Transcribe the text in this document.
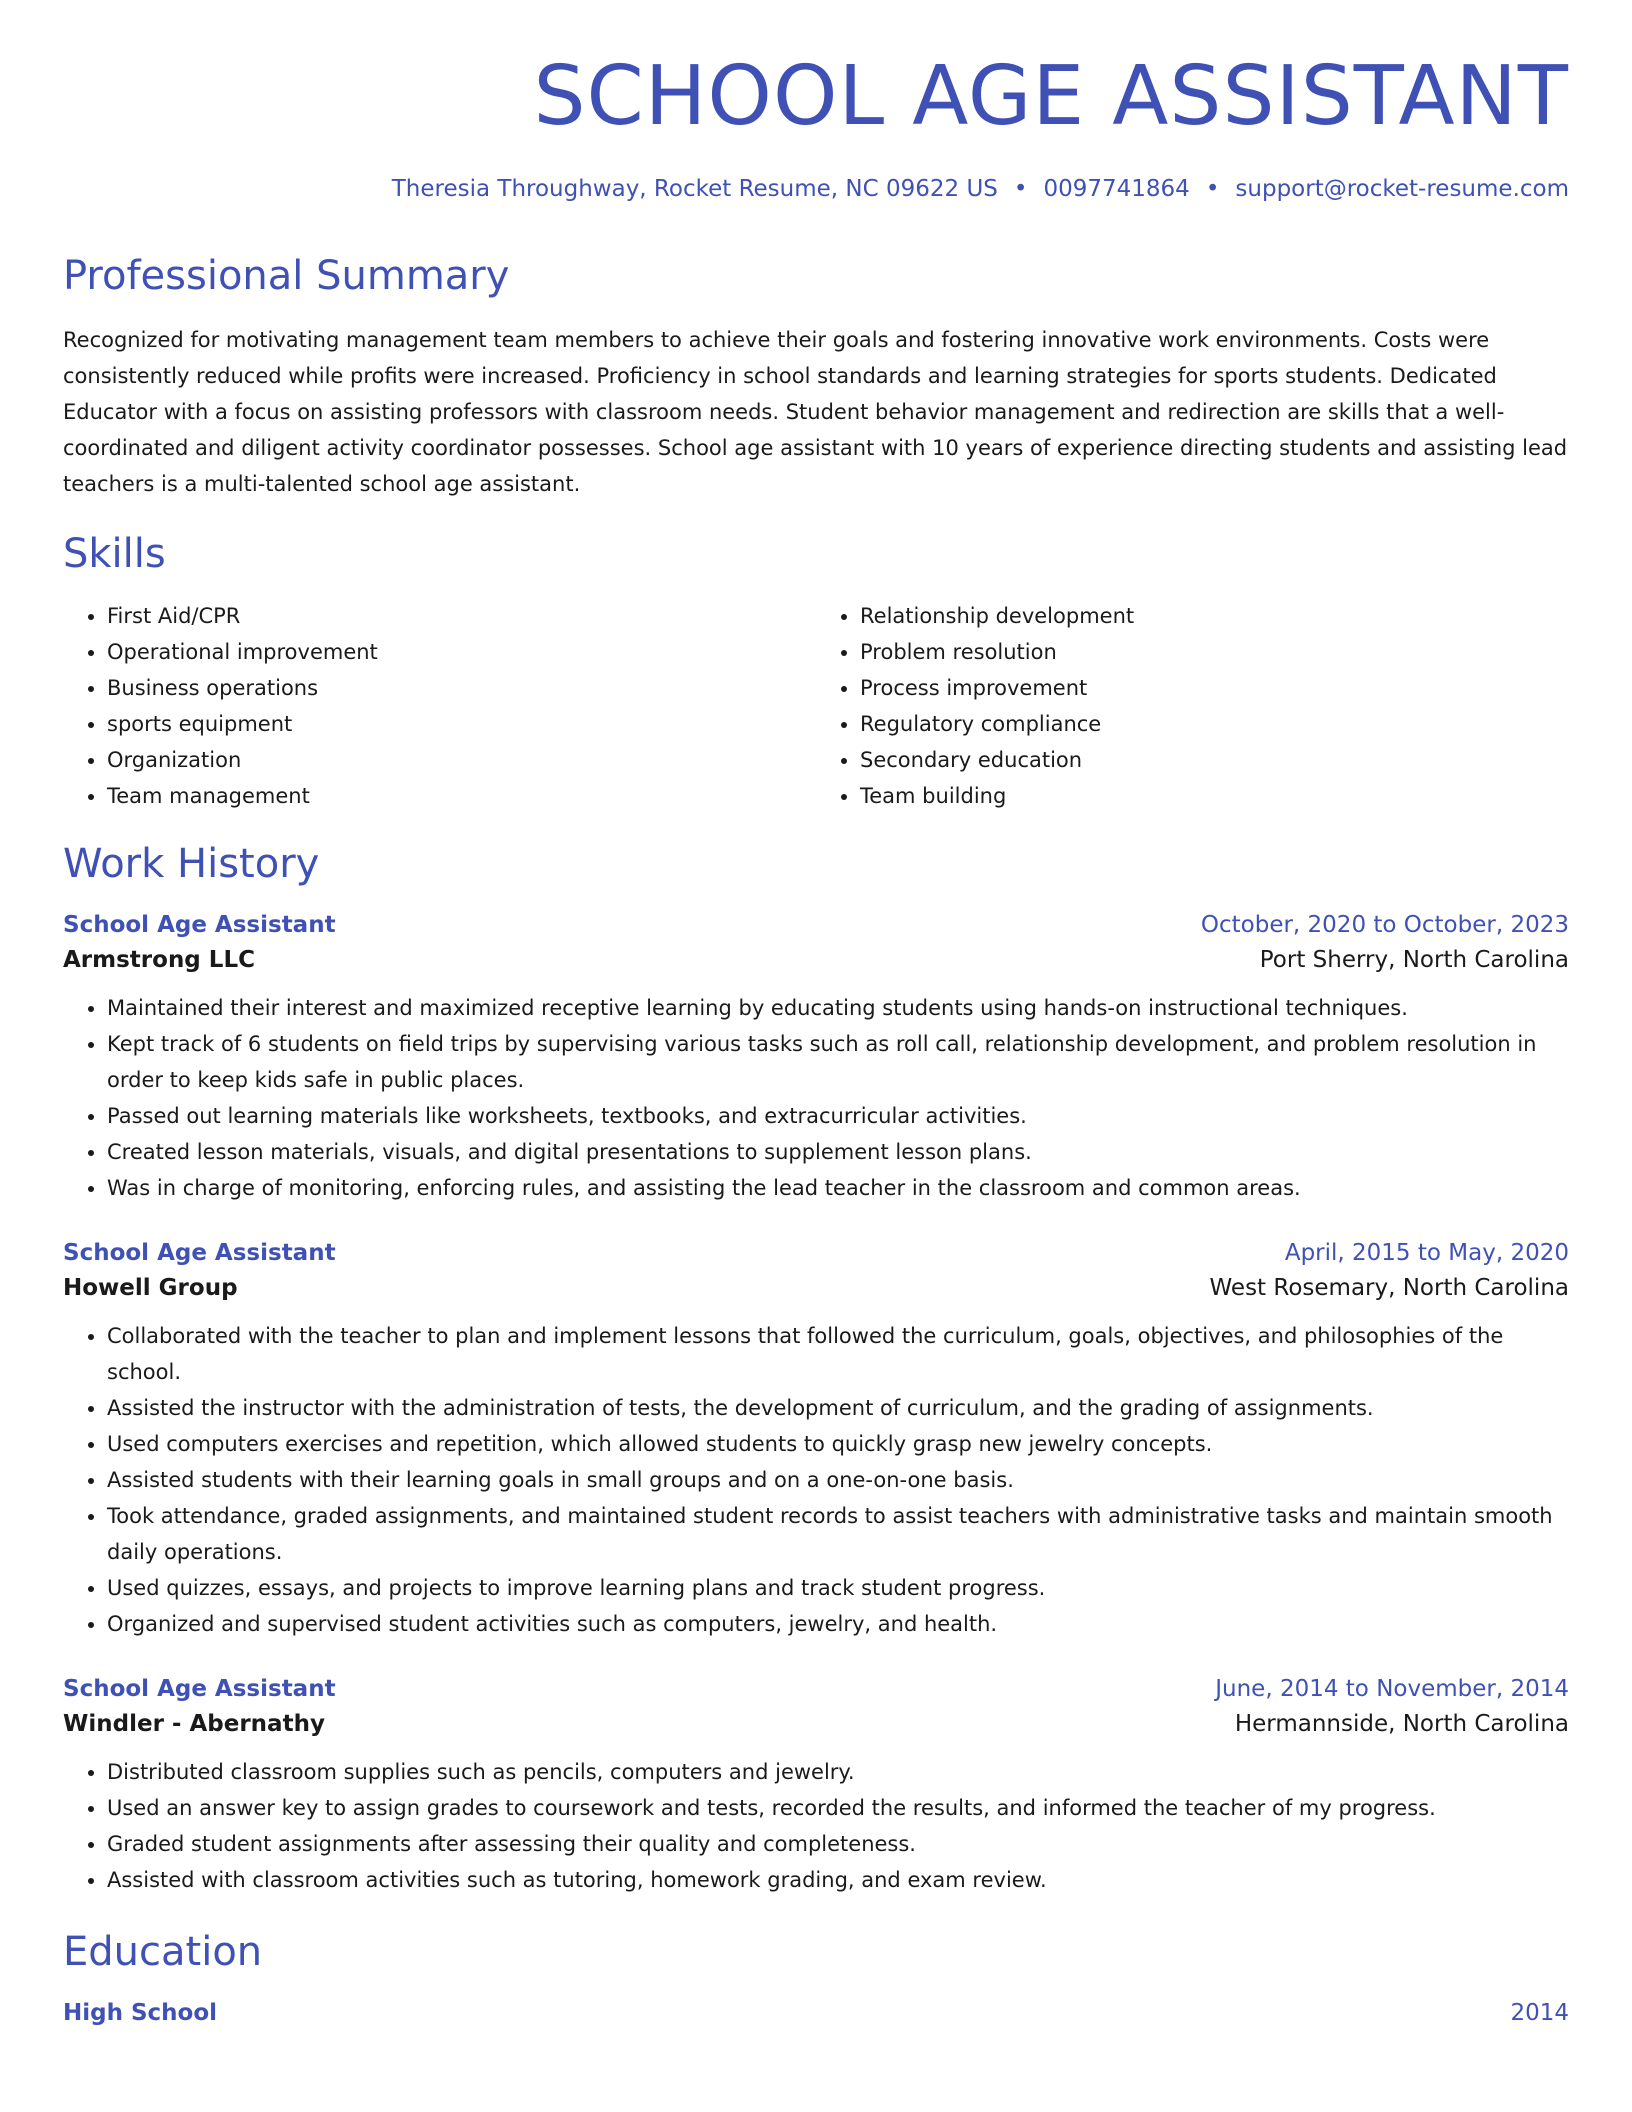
SCHOOL AGE ASSISTANT
Theresia Throughway, Rocket Resume, NC 09622 US • 0097741864 • support@rocket-resume.com
Professional Summary

Recognized for motivating management team members to achieve their goals and fostering innovative work environments. Costs were consistently reduced while profits were increased. Proficiency in school standards and learning strategies for sports students. Dedicated Educator with a focus on assisting professors with classroom needs. Student behavior management and redirection are skills that a well-coordinated and diligent activity coordinator possesses. School age assistant with 10 years of experience directing students and assisting lead teachers is a multi-talented school age assistant.

Skills
• First Aid/CPR
• Operational improvement
• Business operations
• sports equipment
• Organization
• Team management
• Relationship development
• Problem resolution
• Process improvement
• Regulatory compliance
• Secondary education
• Team building
Work History
School Age Assistant	October, 2020 to October, 2023
Armstrong LLC	Port Sherry, North Carolina
• Maintained their interest and maximized receptive learning by educating students using hands-on instructional techniques.
• Kept track of 6 students on field trips by supervising various tasks such as roll call, relationship development, and problem resolution in order to keep kids safe in public places.
• Passed out learning materials like worksheets, textbooks, and extracurricular activities.
• Created lesson materials, visuals, and digital presentations to supplement lesson plans.
• Was in charge of monitoring, enforcing rules, and assisting the lead teacher in the classroom and common areas.
School Age Assistant	April, 2015 to May, 2020
Howell Group	West Rosemary, North Carolina
• Collaborated with the teacher to plan and implement lessons that followed the curriculum, goals, objectives, and philosophies of the school.
• Assisted the instructor with the administration of tests, the development of curriculum, and the grading of assignments.
• Used computers exercises and repetition, which allowed students to quickly grasp new jewelry concepts.
• Assisted students with their learning goals in small groups and on a one-on-one basis.
• Took attendance, graded assignments, and maintained student records to assist teachers with administrative tasks and maintain smooth daily operations.
• Used quizzes, essays, and projects to improve learning plans and track student progress.
• Organized and supervised student activities such as computers, jewelry, and health.
School Age Assistant	June, 2014 to November, 2014
Windler - Abernathy	Hermannside, North Carolina
• Distributed classroom supplies such as pencils, computers and jewelry.
• Used an answer key to assign grades to coursework and tests, recorded the results, and informed the teacher of my progress.
• Graded student assignments after assessing their quality and completeness.
• Assisted with classroom activities such as tutoring, homework grading, and exam review.
Education
High School	2014
